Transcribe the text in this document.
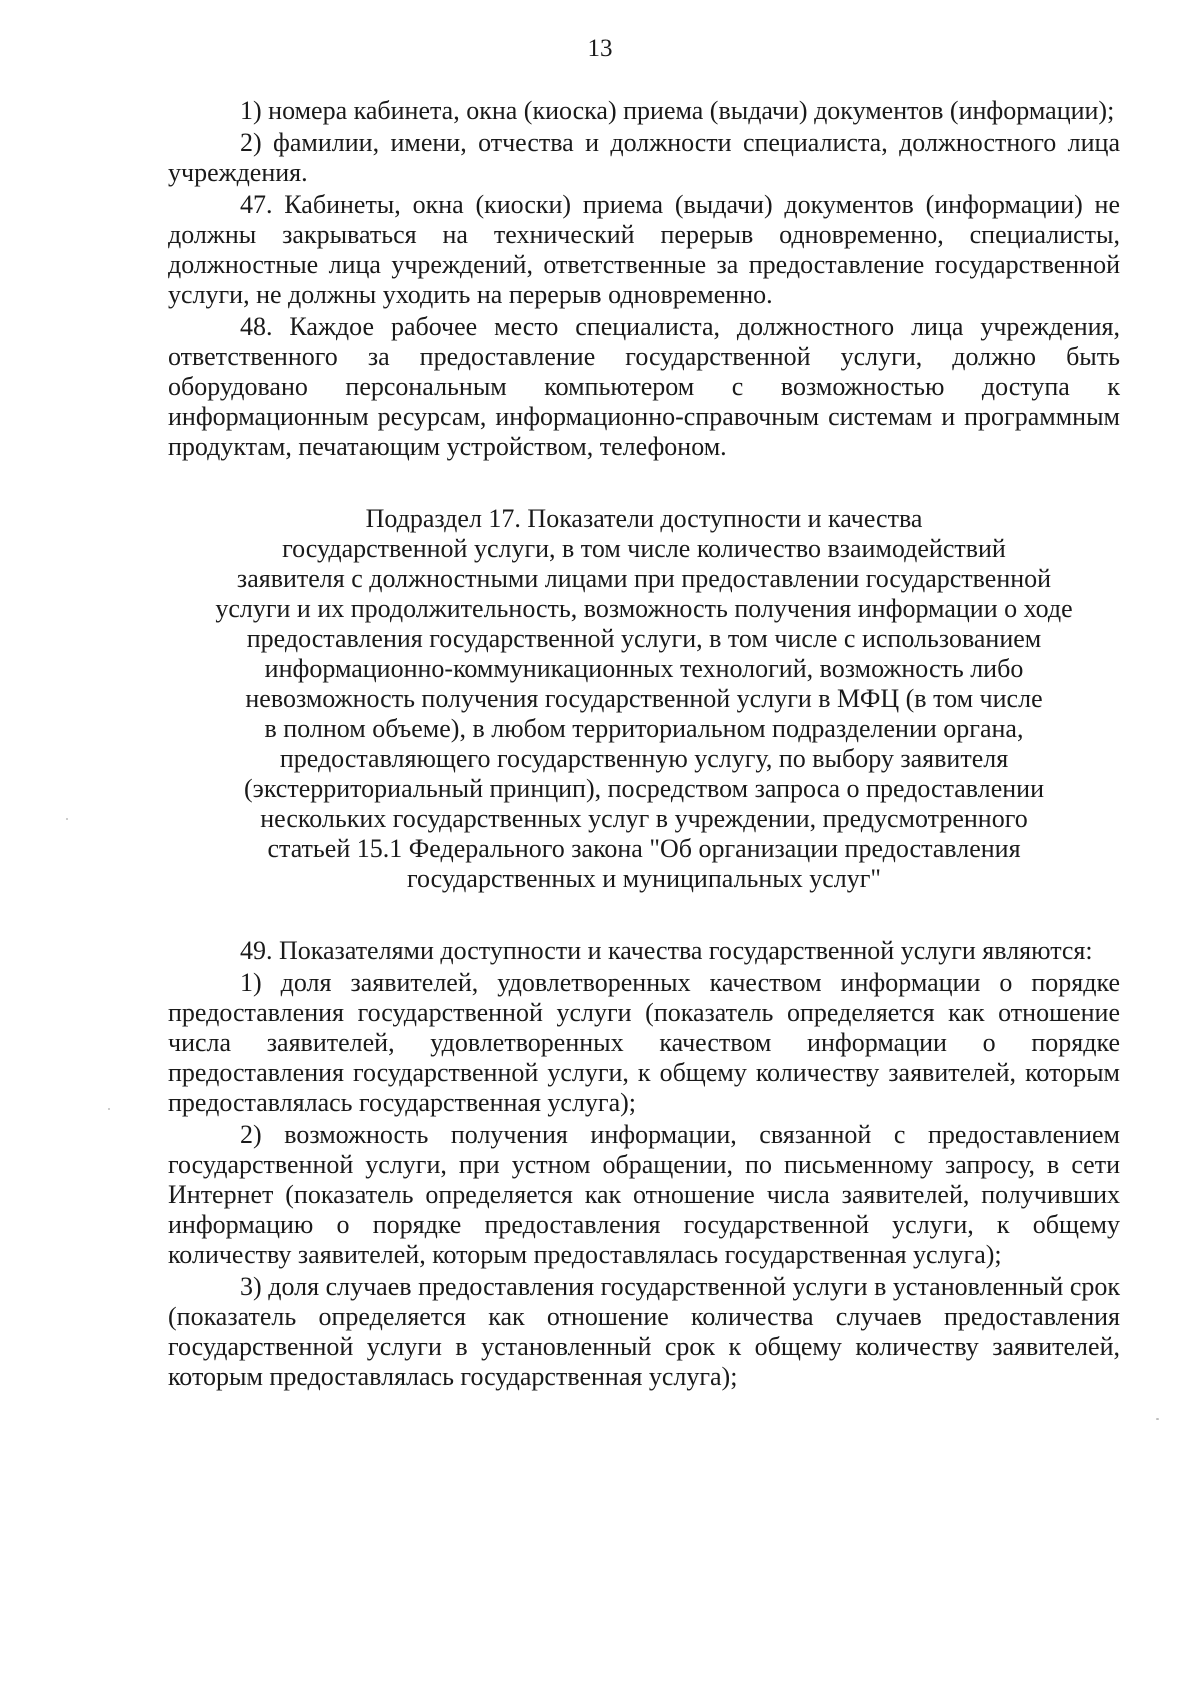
13

1) номера кабинета, окна (киоска) приема (выдачи) документов (информации);

2) фамилии, имени, отчества и должности специалиста, должностного лица учреждения.

47. Кабинеты, окна (киоски) приема (выдачи) документов (информации) не должны закрываться на технический перерыв одновременно, специалисты, должностные лица учреждений, ответственные за предоставление государственной услуги, не должны уходить на перерыв одновременно.

48. Каждое рабочее место специалиста, должностного лица учреждения, ответственного за предоставление государственной услуги, должно быть оборудовано персональным компьютером с возможностью доступа к информационным ресурсам, информационно-справочным системам и программным продуктам, печатающим устройством, телефоном.

Подраздел 17. Показатели доступности и качества
государственной услуги, в том числе количество взаимодействий
заявителя с должностными лицами при предоставлении государственной
услуги и их продолжительность, возможность получения информации о ходе
предоставления государственной услуги, в том числе с использованием
информационно-коммуникационных технологий, возможность либо
невозможность получения государственной услуги в МФЦ (в том числе
в полном объеме), в любом территориальном подразделении органа,
предоставляющего государственную услугу, по выбору заявителя
(экстерриториальный принцип), посредством запроса о предоставлении
нескольких государственных услуг в учреждении, предусмотренного
статьей 15.1 Федерального закона "Об организации предоставления
государственных и муниципальных услуг"

49. Показателями доступности и качества государственной услуги являются:

1) доля заявителей, удовлетворенных качеством информации о порядке предоставления государственной услуги (показатель определяется как отношение числа заявителей, удовлетворенных качеством информации о порядке предоставления государственной услуги, к общему количеству заявителей, которым предоставлялась государственная услуга);

2) возможность получения информации, связанной с предоставлением государственной услуги, при устном обращении, по письменному запросу, в сети Интернет (показатель определяется как отношение числа заявителей, получивших информацию о порядке предоставления государственной услуги, к общему количеству заявителей, которым предоставлялась государственная услуга);

3) доля случаев предоставления государственной услуги в установленный срок (показатель определяется как отношение количества случаев предоставления государственной услуги в установленный срок к общему количеству заявителей, которым предоставлялась государственная услуга);
